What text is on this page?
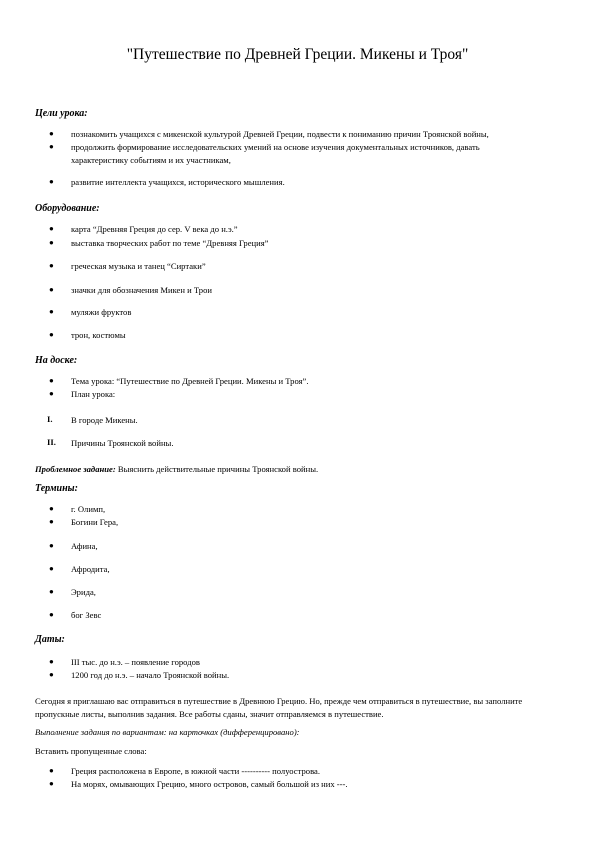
"Путешествие по Древней Греции. Микены и Троя"
Цели урока:
● познакомить учащихся с микенской культурой Древней Греции, подвести к пониманию причин Троянской войны,
● продолжить формирование исследовательских умений на основе изучения документальных источников, давать
характеристику событиям и их участникам,
● развитие интеллекта учащихся, исторического мышления.
Оборудование:
● карта “Древняя Греция до сер. V века до н.э.”
● выставка творческих работ по теме “Древняя Греция”
● греческая музыка и танец “Сиртаки”
● значки для обозначения Микен и Трои
● муляжи фруктов
● трон, костюмы
На доске:
● Тема урока: “Путешествие по Древней Греции. Микены и Троя”.
● План урока:
I. В городе Микены.
II. Причины Троянской войны.
Проблемное задание: Выяснить действительные причины Троянской войны.
Термины:
● г. Олимп,
● Богини Гера,
● Афина,
● Афродита,
● Эрида,
● бог Зевс
Даты:
● III тыс. до н.э. – появление городов
● 1200 год до н.э. – начало Троянской войны.
Сегодня я приглашаю вас отправиться в путешествие в Древнюю Грецию. Но, прежде чем отправиться в путешествие, вы заполните пропускные листы, выполнив задания. Все работы сданы, значит отправляемся в путешествие.
Выполнение задания по вариантам: на карточках (дифференцировано):
Вставить пропущенные слова:
● Греция расположена в Европе, в южной части ---------- полуострова.
● На морях, омывающих Грецию, много островов, самый большой из них ---.
